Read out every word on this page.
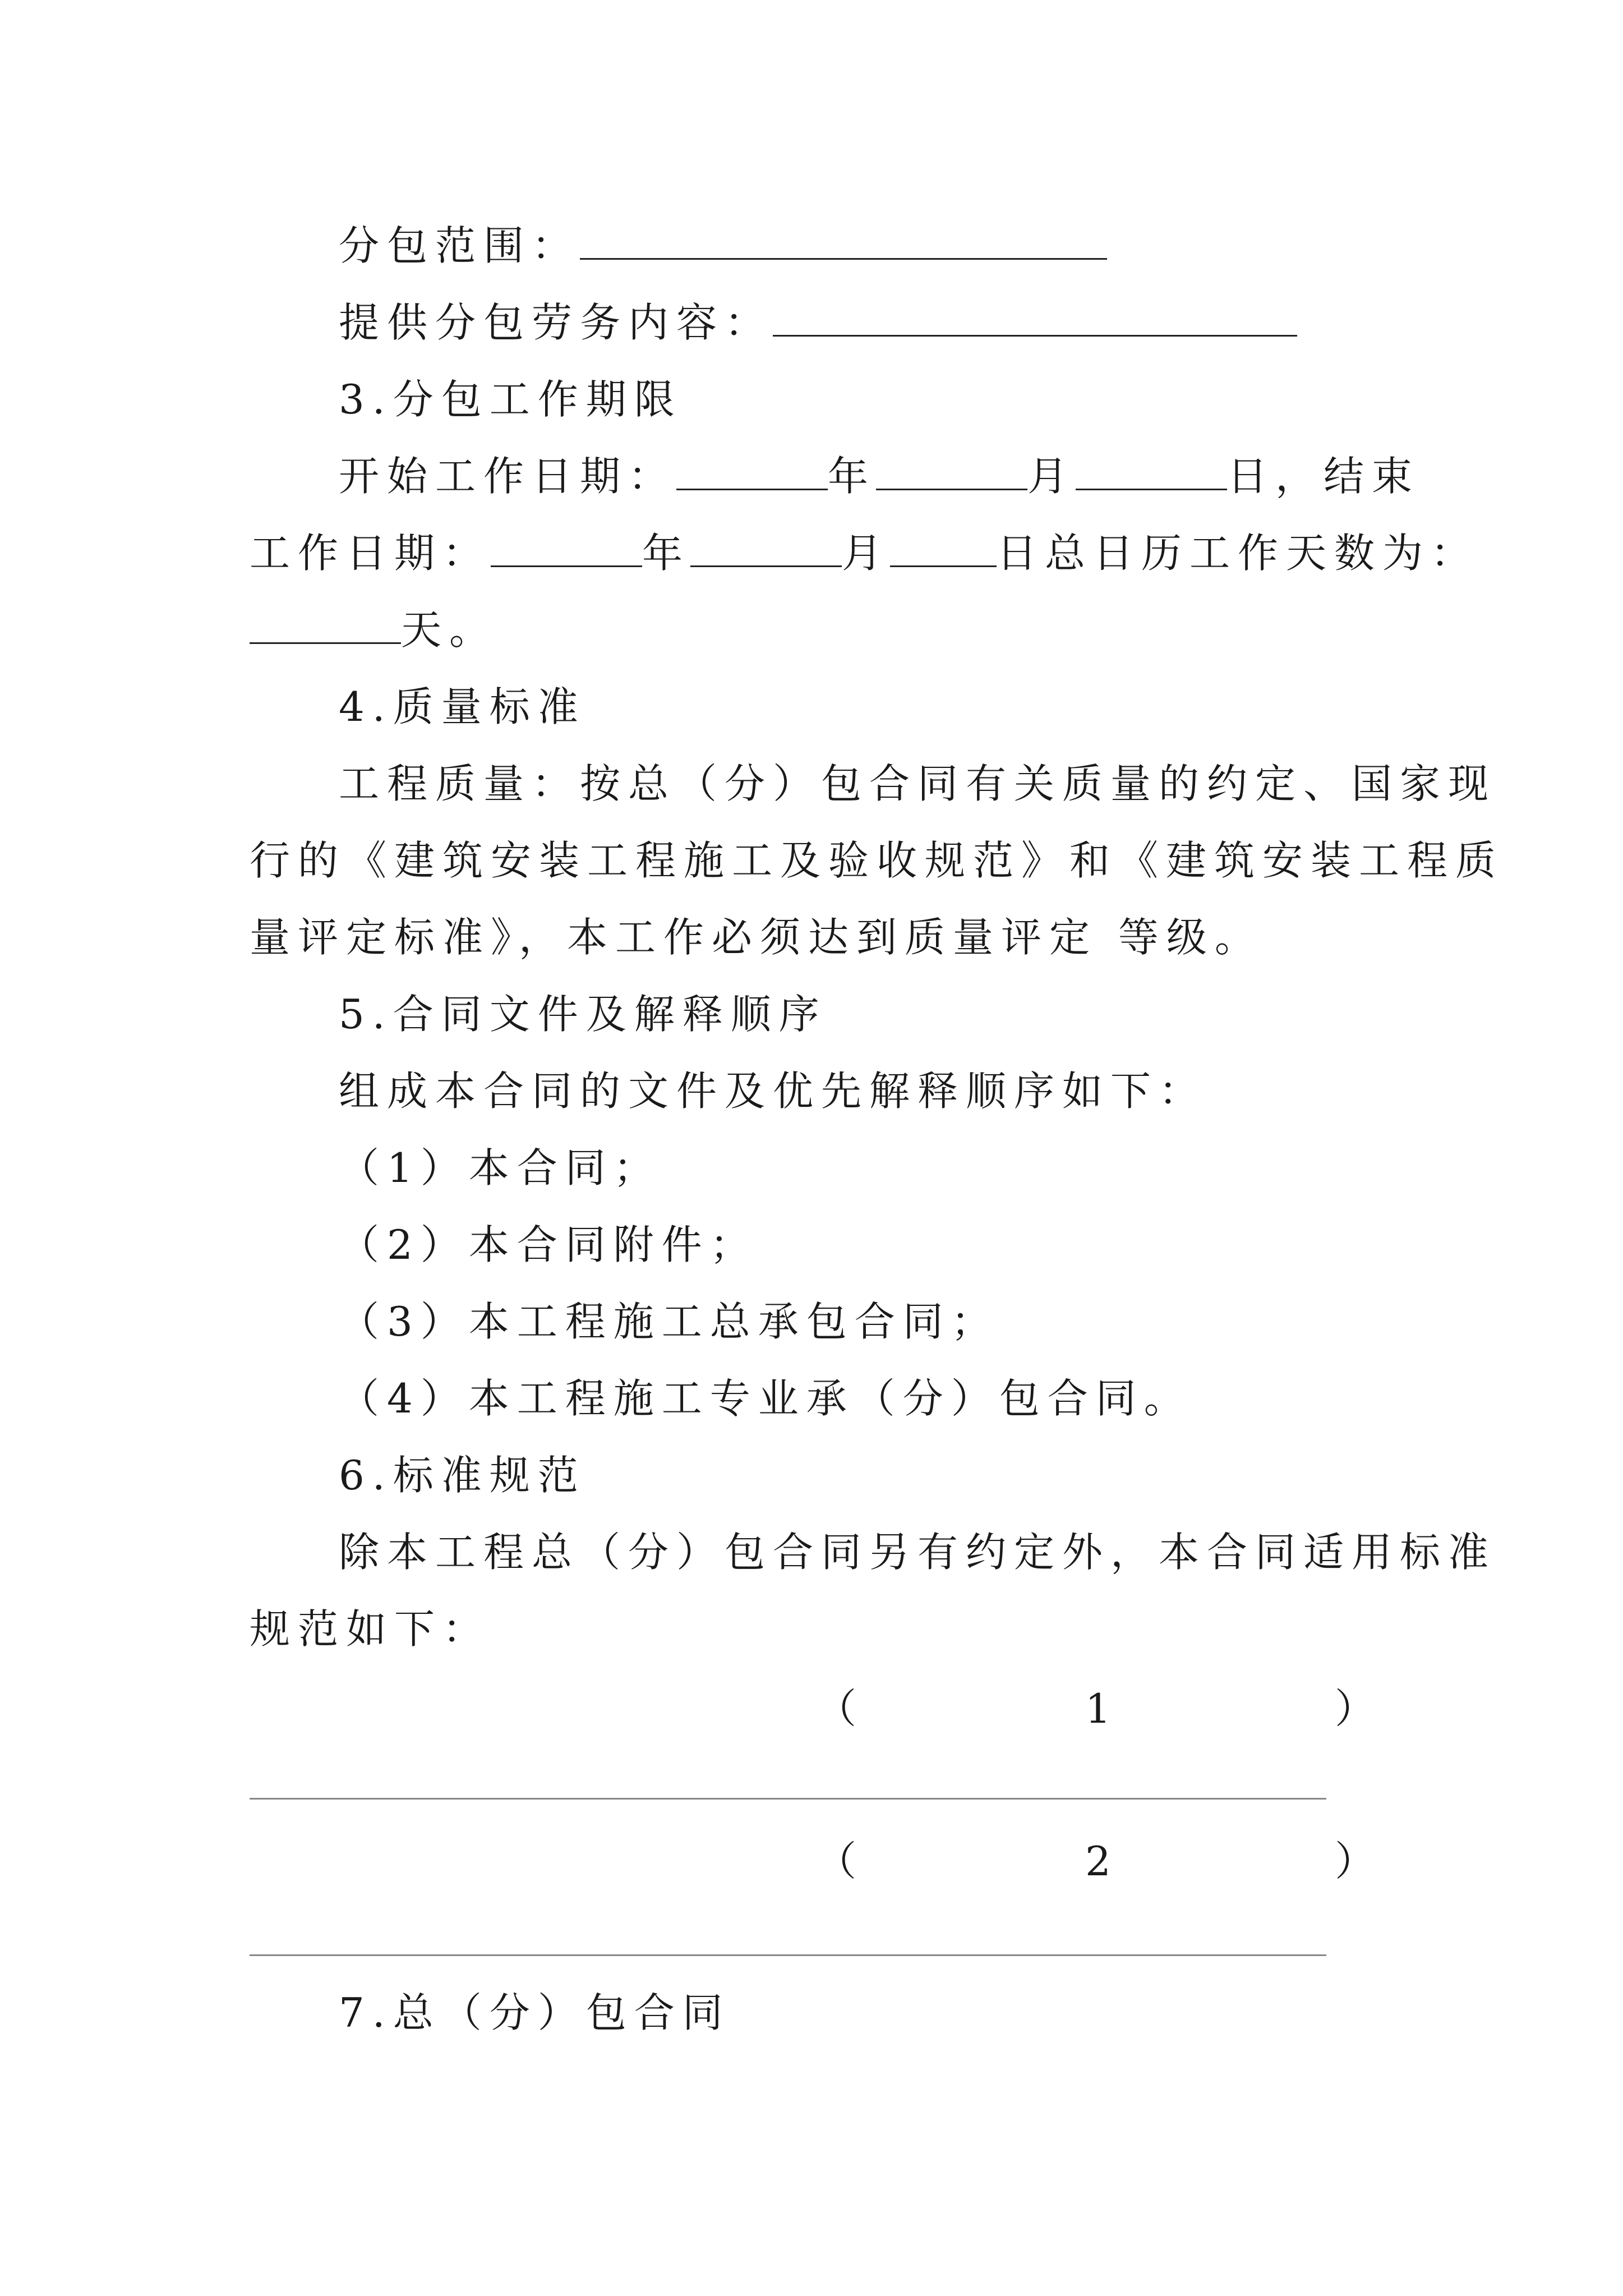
分包范围：
提供分包劳务内容：
3.分包工作期限
开始工作日期：	年	月	日，结束
工作日期：	年	月	日总日历工作天数为：
天。
4.质量标准
工程质量：按总（分）包合同有关质量的约定、国家现
行的《建筑安装工程施工及验收规范》和《建筑安装工程质
量评定标准》，本工作必须达到质量评定 等级。
5.合同文件及解释顺序
组成本合同的文件及优先解释顺序如下：
（1）本合同；
（2）本合同附件；
（3）本工程施工总承包合同；
（4）本工程施工专业承（分）包合同。
6.标准规范
除本工程总（分）包合同另有约定外，本合同适用标准
规范如下：
（	1	）
（	2	）
7.总（分）包合同
